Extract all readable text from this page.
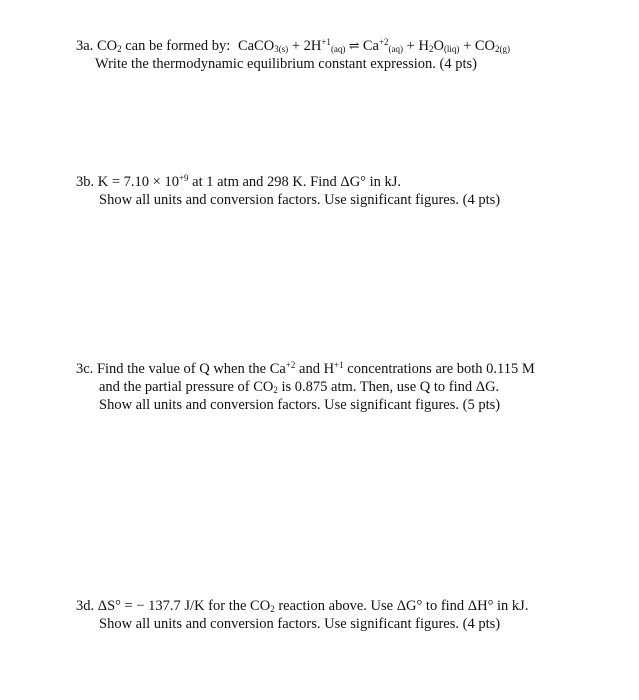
3a. $CO_2$ can be formed by: CaCO$_{3(s)}$ + $2H^{+1}_{(aq)}$ ⇌ $Ca^{+2}_{(aq)} + H_2O_{(liq)} + CO_{2(g)}$
Write the thermodynamic equilibrium constant expression. (4 pts)
3b. $K = 7.10 \times 10^{+9}$ at 1 atm and 298 K. Find ΔG° in kJ.
Show all units and conversion factors. Use significant figures. (4 pts)
3c. Find the value of Q when the $Ca^{+2}$ and $H^{+1}$ concentrations are both 0.115 M
and the partial pressure of $CO_2$ is 0.875 atm. Then, use Q to find ΔG.
Show all units and conversion factors. Use significant figures. (5 pts)
3d. ΔS° = − 137.7 J/K for the $CO_2$ reaction above. Use ΔG° to find ΔH° in kJ.
Show all units and conversion factors. Use significant figures. (4 pts)
